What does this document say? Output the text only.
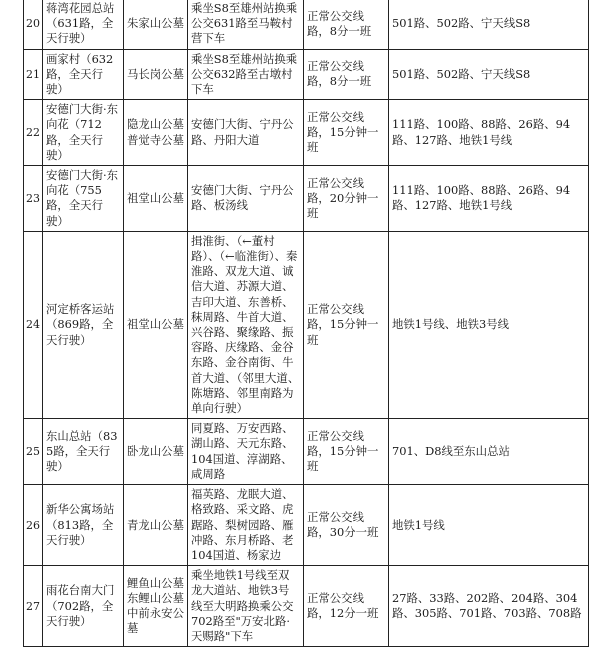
20	蒋湾花园总站（631路，全天行驶）	朱家山公墓	乘坐S8至雄州站换乘公交631路至马鞍村营下车	正常公交线路，8分一班	501路、502路、宁天线S8
21	画家村（632路，全天行驶）	马长岗公墓	乘坐S8至雄州站换乘公交632路至古墩村下车	正常公交线路，8分一班	501路、502路、宁天线S8
22	安德门大街·东向花（712路，全天行驶）	隐龙山公墓普觉寺公墓	安德门大街、宁丹公路、丹阳大道	正常公交线路，15分钟一班	111路、100路、88路、26路、94路、127路、地铁1号线
23	安德门大街·东向花（755路，全天行驶）	祖堂山公墓	安德门大街、宁丹公路、板汤线	正常公交线路，20分钟一班	111路、100路、88路、26路、94路、127路、地铁1号线
24	河定桥客运站（869路，全天行驶）	祖堂山公墓	揖淮街、（←董村路）、（←临淮街）、秦淮路、双龙大道、诚信大道、苏源大道、吉印大道、东善桥、秣周路、牛首大道、兴谷路、聚缘路、振容路、庆缘路、金谷东路、金谷南街、牛首大道、（邻里大道、陈塘路、邻里南路为单向行驶）	正常公交线路，15分钟一班	地铁1号线、地铁3号线
25	东山总站（835路，全天行驶）	卧龙山公墓	同夏路、万安西路、湖山路、天元东路、104国道、淳湖路、咸周路	正常公交线路，15分钟一班	701、D8线至东山总站
26	新华公寓场站（813路，全天行驶）	青龙山公墓	福英路、龙眠大道、格致路、采文路、虎踞路、梨树园路、雁冲路、东月桥路、老104国道、杨家边	正常公交线路，30分一班	地铁1号线
27	雨花台南大门（702路，全天行驶）	鲤鱼山公墓东鲤山公墓中前永安公墓	乘坐地铁1号线至双龙大道站、地铁3号线至大明路换乘公交702路至"万安北路·天赐路"下车	正常公交线路，12分一班	27路、33路、202路、204路、304路、305路、701路、703路、708路
